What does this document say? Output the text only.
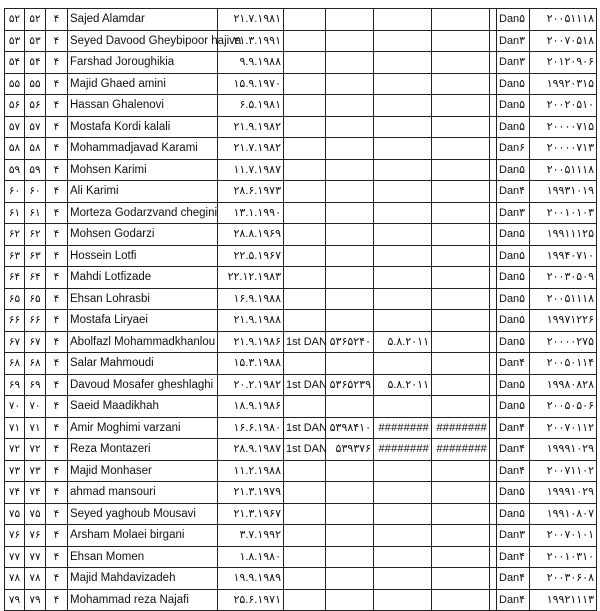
۵۲	۵۲	۴	Sajed Alamdar	۲۱.۷.۱۹۸۱						Dan۵	۲۰۰۵۱۱۱۸
۵۳	۵۳	۴	Seyed Davood Gheybipoor hajiva	۲۱.۳.۱۹۹۱						Dan۳	۲۰۰۷۰۵۱۸
۵۴	۵۴	۴	Farshad Joroughikia	۹.۹.۱۹۸۸						Dan۳	۲۰۱۲۰۹۰۶
۵۵	۵۵	۴	Majid Ghaed amini	۱۵.۹.۱۹۷۰						Dan۵	۱۹۹۲۰۳۱۵
۵۶	۵۶	۴	Hassan Ghalenovi	۶.۵.۱۹۸۱						Dan۵	۲۰۰۲۰۵۱۰
۵۷	۵۷	۴	Mostafa Kordi kalali	۲۱.۹.۱۹۸۲						Dan۵	۲۰۰۰۰۷۱۵
۵۸	۵۸	۴	Mohammadjavad Karami	۲۱.۷.۱۹۸۲						Dan۶	۲۰۰۰۰۷۱۳
۵۹	۵۹	۴	Mohsen Karimi	۱۱.۷.۱۹۸۷						Dan۵	۲۰۰۵۱۱۱۸
۶۰	۶۰	۴	Ali Karimi	۲۸.۶.۱۹۷۳						Dan۴	۱۹۹۳۱۰۱۹
۶۱	۶۱	۴	Morteza Godarzvand chegini	۱۳.۱.۱۹۹۰						Dan۳	۲۰۰۱۰۱۰۳
۶۲	۶۲	۴	Mohsen Godarzi	۲۸.۸.۱۹۶۹						Dan۵	۱۹۹۱۱۱۲۵
۶۳	۶۳	۴	Hossein Lotfi	۲۲.۵.۱۹۶۷						Dan۵	۱۹۹۴۰۷۱۰
۶۴	۶۴	۴	Mahdi Lotfizade	۲۲.۱۲.۱۹۸۳						Dan۵	۲۰۰۳۰۵۰۹
۶۵	۶۵	۴	Ehsan Lohrasbi	۱۶.۹.۱۹۸۸						Dan۵	۲۰۰۵۱۱۱۸
۶۶	۶۶	۴	Mostafa Liryaei	۲۱.۹.۱۹۸۸						Dan۵	۱۹۹۷۱۲۲۶
۶۷	۶۷	۴	Abolfazl Mohammadkhanlou	۲۱.۹.۱۹۸۶	1st DAN	۵۳۶۵۲۴۰	۵.۸.۲۰۱۱			Dan۵	۲۰۰۰۰۲۷۵
۶۸	۶۸	۴	Salar Mahmoudi	۱۵.۳.۱۹۸۸						Dan۴	۲۰۰۵۰۱۱۴
۶۹	۶۹	۴	Davoud Mosafer gheshlaghi	۲۰.۲.۱۹۸۲	1st DAN	۵۳۶۵۲۳۹	۵.۸.۲۰۱۱			Dan۵	۱۹۹۸۰۸۲۸
۷۰	۷۰	۴	Saeid Maadikhah	۱۸.۹.۱۹۸۶						Dan۵	۲۰۰۵۰۵۰۶
۷۱	۷۱	۴	Amir Moghimi varzani	۱۶.۶.۱۹۸۰	1st DAN	۵۳۹۸۴۱۰	########	########		Dan۴	۲۰۰۷۰۱۱۲
۷۲	۷۲	۴	Reza Montazeri	۲۸.۹.۱۹۸۷	1st DAN	۵۳۹۳۷۶	########	########		Dan۴	۱۹۹۹۱۰۲۹
۷۳	۷۳	۴	Majid Monhaser	۱۱.۲.۱۹۸۸						Dan۴	۲۰۰۷۱۱۰۲
۷۴	۷۴	۴	ahmad mansouri	۲۱.۳.۱۹۷۹						Dan۵	۱۹۹۹۱۰۲۹
۷۵	۷۵	۴	Seyed yaghoub Mousavi	۲۱.۳.۱۹۶۷						Dan۵	۱۹۹۱۰۸۰۷
۷۶	۷۶	۴	Arsham Molaei birgani	۳.۷.۱۹۹۲						Dan۳	۲۰۰۷۰۱۰۱
۷۷	۷۷	۴	Ehsan Momen	۱.۸.۱۹۸۰						Dan۴	۲۰۰۱۰۳۱۰
۷۸	۷۸	۴	Majid Mahdavizadeh	۱۹.۹.۱۹۸۹						Dan۴	۲۰۰۳۰۶۰۸
۷۹	۷۹	۴	Mohammad reza Najafi	۲۵.۶.۱۹۷۱						Dan۴	۱۹۹۲۱۱۱۳
